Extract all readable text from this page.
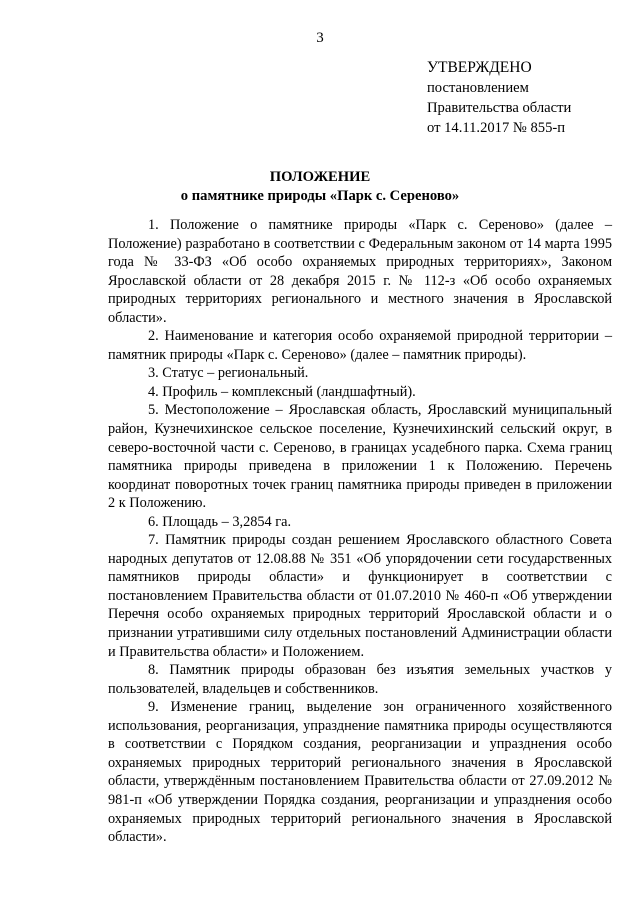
3
УТВЕРЖДЕНО
постановлением
Правительства области
от 14.11.2017 № 855-п
ПОЛОЖЕНИЕ
о памятнике природы «Парк с. Сереново»

1. Положение о памятнике природы «Парк с. Сереново» (далее – Положение) разработано в соответствии с Федеральным законом от 14 марта 1995 года № 33-ФЗ «Об особо охраняемых природных территориях», Законом Ярославской области от 28 декабря 2015 г. № 112-з «Об особо охраняемых природных территориях регионального и местного значения в Ярославской области».

2. Наименование и категория особо охраняемой природной территории – памятник природы «Парк с. Сереново» (далее – памятник природы).

3. Статус – региональный.

4. Профиль – комплексный (ландшафтный).

5. Местоположение – Ярославская область, Ярославский муниципальный район, Кузнечихинское сельское поселение, Кузнечихинский сельский округ, в северо-восточной части с. Сереново, в границах усадебного парка. Схема границ памятника природы приведена в приложении 1 к Положению. Перечень координат поворотных точек границ памятника природы приведен в приложении 2 к Положению.

6. Площадь – 3,2854 га.

7. Памятник природы создан решением Ярославского областного Совета народных депутатов от 12.08.88 № 351 «Об упорядочении сети государственных памятников природы области» и функционирует в соответствии с постановлением Правительства области от 01.07.2010 № 460-п «Об утверждении Перечня особо охраняемых природных территорий Ярославской области и о признании утратившими силу отдельных постановлений Администрации области и Правительства области» и Положением.

8. Памятник природы образован без изъятия земельных участков у пользователей, владельцев и собственников.

9. Изменение границ, выделение зон ограниченного хозяйственного использования, реорганизация, упразднение памятника природы осуществляются в соответствии с Порядком создания, реорганизации и упразднения особо охраняемых природных территорий регионального значения в Ярославской области, утверждённым постановлением Правительства области от 27.09.2012 № 981-п «Об утверждении Порядка создания, реорганизации и упразднения особо охраняемых природных территорий регионального значения в Ярославской области».
